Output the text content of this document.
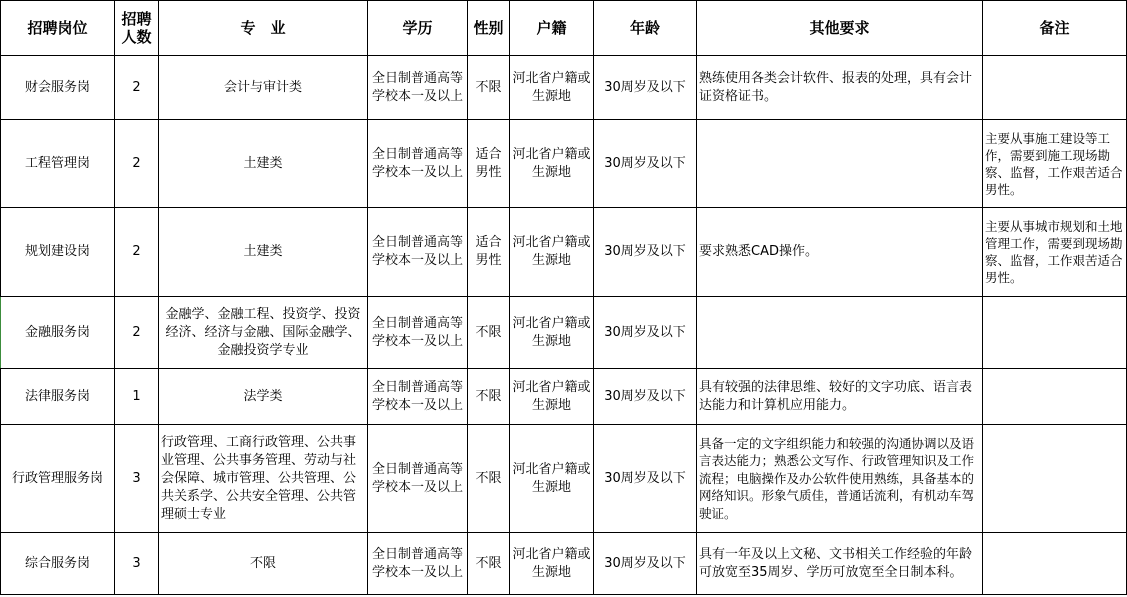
招聘岗位	招聘人数	专　业	学历	性别	户籍	年龄	其他要求	备注
财会服务岗	2	会计与审计类	全日制普通高等学校本一及以上	不限	河北省户籍或生源地	30周岁及以下	熟练使用各类会计软件、报表的处理，具有会计证资格证书。	
工程管理岗	2	土建类	全日制普通高等学校本一及以上	适合男性	河北省户籍或生源地	30周岁及以下		主要从事施工建设等工作，需要到施工现场勘察、监督，工作艰苦适合男性。
规划建设岗	2	土建类	全日制普通高等学校本一及以上	适合男性	河北省户籍或生源地	30周岁及以下	要求熟悉CAD操作。	主要从事城市规划和土地管理工作，需要到现场勘察、监督，工作艰苦适合男性。
金融服务岗	2	金融学、金融工程、投资学、投资经济、经济与金融、国际金融学、金融投资学专业	全日制普通高等学校本一及以上	不限	河北省户籍或生源地	30周岁及以下		
法律服务岗	1	法学类	全日制普通高等学校本一及以上	不限	河北省户籍或生源地	30周岁及以下	具有较强的法律思维、较好的文字功底、语言表达能力和计算机应用能力。	
行政管理服务岗	3	行政管理、工商行政管理、公共事业管理、公共事务管理、劳动与社会保障、城市管理、公共管理、公共关系学、公共安全管理、公共管理硕士专业	全日制普通高等学校本一及以上	不限	河北省户籍或生源地	30周岁及以下	具备一定的文字组织能力和较强的沟通协调以及语言表达能力；熟悉公文写作、行政管理知识及工作流程；电脑操作及办公软件使用熟练，具备基本的网络知识。形象气质佳，普通话流利，有机动车驾驶证。	
综合服务岗	3	不限	全日制普通高等学校本一及以上	不限	河北省户籍或生源地	30周岁及以下	具有一年及以上文秘、文书相关工作经验的年龄可放宽至35周岁、学历可放宽至全日制本科。	
